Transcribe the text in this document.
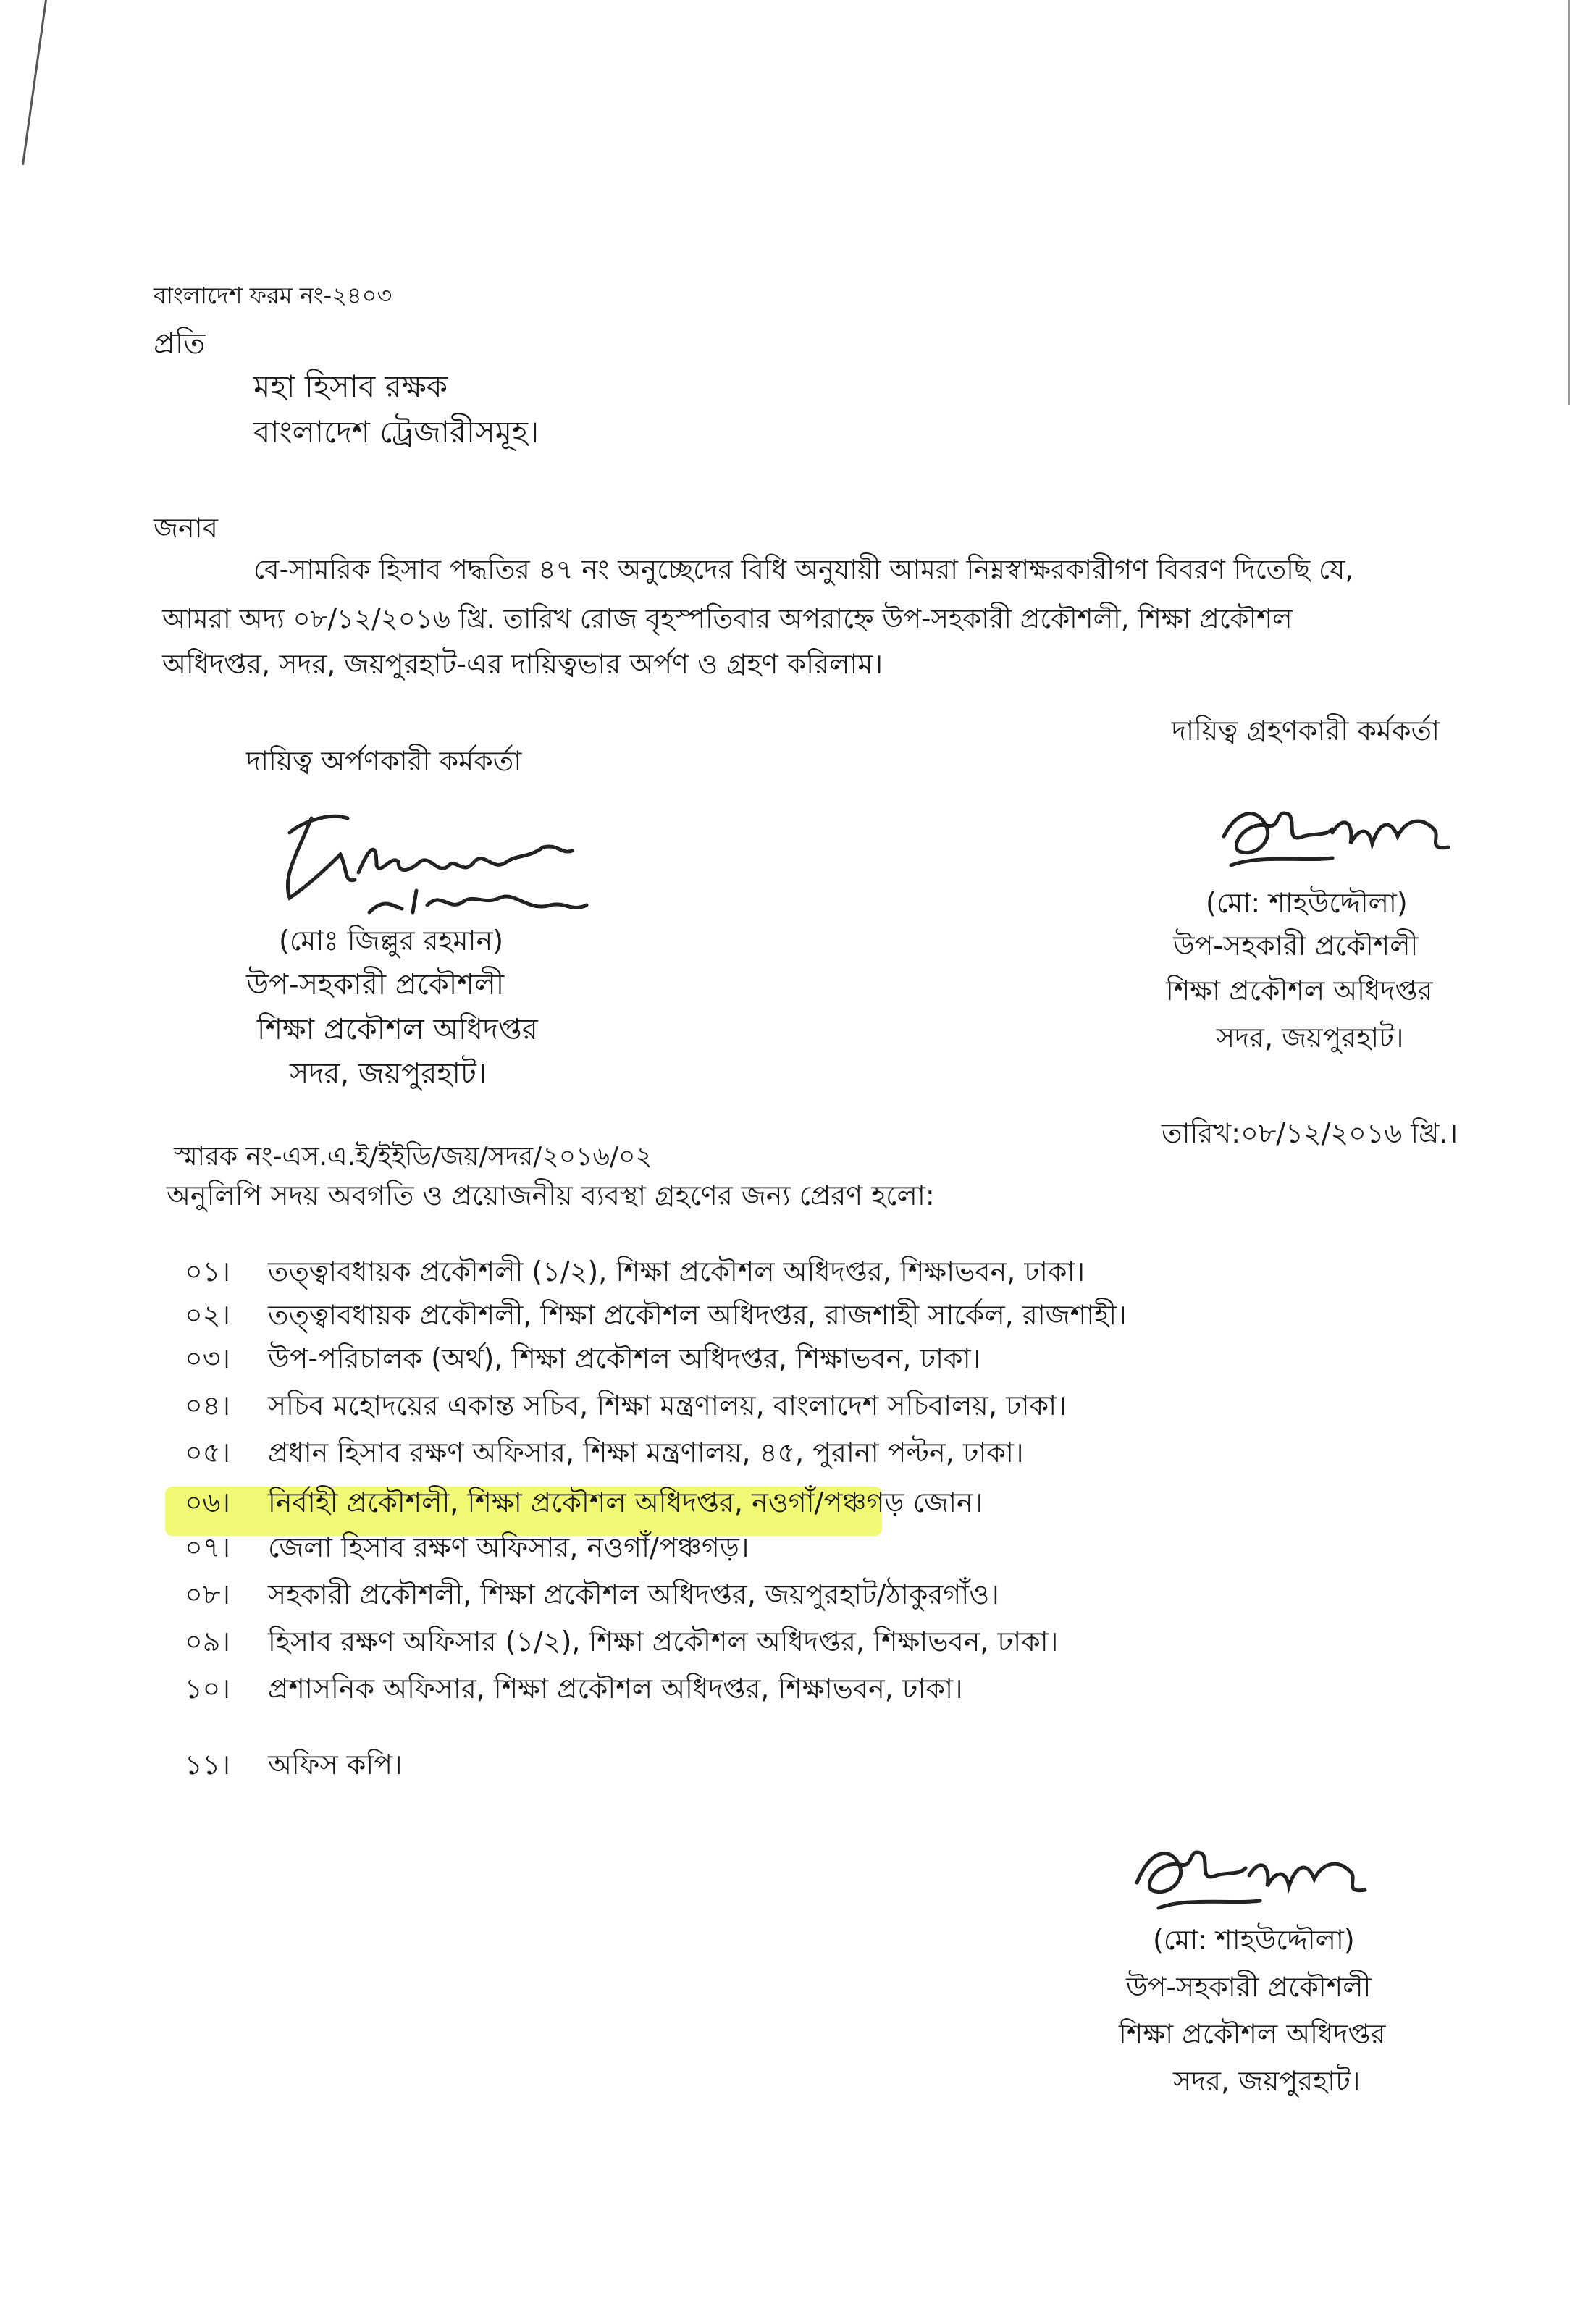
বাংলাদেশ ফরম নং-২৪০৩
প্রতি
মহা হিসাব রক্ষক
বাংলাদেশ ট্রেজারীসমূহ।
জনাব
বে-সামরিক হিসাব পদ্ধতির ৪৭ নং অনুচ্ছেদের বিধি অনুযায়ী আমরা নিম্নস্বাক্ষরকারীগণ বিবরণ দিতেছি যে,
আমরা অদ্য ০৮/১২/২০১৬ খ্রি. তারিখ রোজ বৃহস্পতিবার অপরাহ্নে উপ-সহকারী প্রকৌশলী, শিক্ষা প্রকৌশল
অধিদপ্তর, সদর, জয়পুরহাট-এর দায়িত্বভার অর্পণ ও গ্রহণ করিলাম।
দায়িত্ব অর্পণকারী কর্মকর্তা
(মোঃ জিল্লুর রহমান)
উপ-সহকারী প্রকৌশলী
শিক্ষা প্রকৌশল অধিদপ্তর
সদর, জয়পুরহাট।
দায়িত্ব গ্রহণকারী কর্মকর্তা
(মো: শাহউদ্দৌলা)
উপ-সহকারী প্রকৌশলী
শিক্ষা প্রকৌশল অধিদপ্তর
সদর, জয়পুরহাট।
স্মারক নং-এস.এ.ই/ইইডি/জয়/সদর/২০১৬/০২
তারিখ:০৮/১২/২০১৬ খ্রি.।
অনুলিপি সদয় অবগতি ও প্রয়োজনীয় ব্যবস্থা গ্রহণের জন্য প্রেরণ হলো:
০১। তত্ত্বাবধায়ক প্রকৌশলী (১/২), শিক্ষা প্রকৌশল অধিদপ্তর, শিক্ষাভবন, ঢাকা।
০২। তত্ত্বাবধায়ক প্রকৌশলী, শিক্ষা প্রকৌশল অধিদপ্তর, রাজশাহী সার্কেল, রাজশাহী।
০৩। উপ-পরিচালক (অর্থ), শিক্ষা প্রকৌশল অধিদপ্তর, শিক্ষাভবন, ঢাকা।
০৪। সচিব মহোদয়ের একান্ত সচিব, শিক্ষা মন্ত্রণালয়, বাংলাদেশ সচিবালয়, ঢাকা।
০৫। প্রধান হিসাব রক্ষণ অফিসার, শিক্ষা মন্ত্রণালয়, ৪৫, পুরানা পল্টন, ঢাকা।
০৬। নির্বাহী প্রকৌশলী, শিক্ষা প্রকৌশল অধিদপ্তর, নওগাঁ/পঞ্চগড় জোন।
০৭। জেলা হিসাব রক্ষণ অফিসার, নওগাঁ/পঞ্চগড়।
০৮। সহকারী প্রকৌশলী, শিক্ষা প্রকৌশল অধিদপ্তর, জয়পুরহাট/ঠাকুরগাঁও।
০৯। হিসাব রক্ষণ অফিসার (১/২), শিক্ষা প্রকৌশল অধিদপ্তর, শিক্ষাভবন, ঢাকা।
১০। প্রশাসনিক অফিসার, শিক্ষা প্রকৌশল অধিদপ্তর, শিক্ষাভবন, ঢাকা।
১১। অফিস কপি।
(মো: শাহউদ্দৌলা)
উপ-সহকারী প্রকৌশলী
শিক্ষা প্রকৌশল অধিদপ্তর
সদর, জয়পুরহাট।
